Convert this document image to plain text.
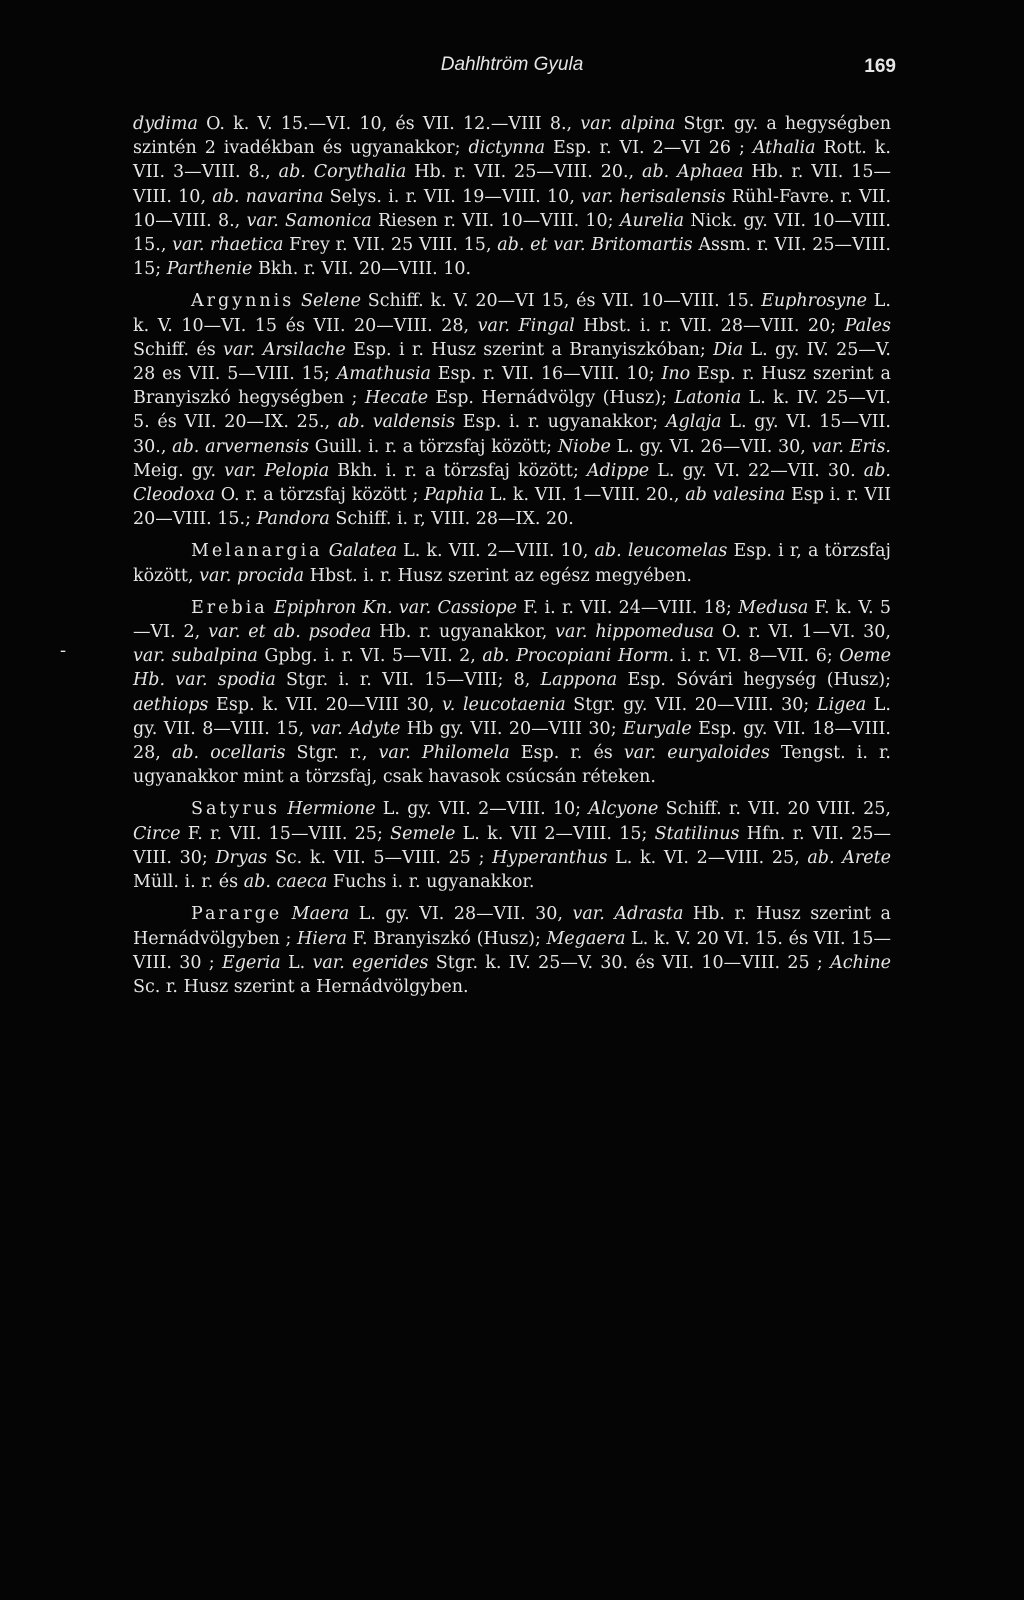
Dahlhtröm Gyula	169
-

dydima O. k. V. 15.—VI. 10, és VII. 12.—VIII 8., var. alpina Stgr. gy. a hegységben szintén 2 ivadékban és ugyanakkor; dictynna Esp. r. VI. 2—VI 26 ; Athalia Rott. k. VII. 3—VIII. 8., ab. Corythalia Hb. r. VII. 25—VIII. 20., ab. Aphaea Hb. r. VII. 15—VIII. 10, ab. navarina Selys. i. r. VII. 19—VIII. 10, var. herisalensis Rühl-Favre. r. VII. 10—VIII. 8., var. Samonica Riesen r. VII. 10—VIII. 10; Aurelia Nick. gy. VII. 10—VIII. 15., var. rhaetica Frey r. VII. 25 VIII. 15, ab. et var. Britomartis Assm. r. VII. 25—VIII. 15; Parthenie Bkh. r. VII. 20—VIII. 10.

Argynnis Selene Schiff. k. V. 20—VI 15, és VII. 10—VIII. 15. Euphrosyne L. k. V. 10—VI. 15 és VII. 20—VIII. 28, var. Fingal Hbst. i. r. VII. 28—VIII. 20; Pales Schiff. és var. Arsilache Esp. i r. Husz szerint a Branyiszkóban; Dia L. gy. IV. 25—V. 28 es VII. 5—VIII. 15; Amathusia Esp. r. VII. 16—VIII. 10; Ino Esp. r. Husz szerint a Branyiszkó hegységben ; Hecate Esp. Hernádvölgy (Husz); Latonia L. k. IV. 25—VI. 5. és VII. 20—IX. 25., ab. valdensis Esp. i. r. ugyanakkor; Aglaja L. gy. VI. 15—VII. 30., ab. arvernensis Guill. i. r. a törzsfaj között; Niobe L. gy. VI. 26—VII. 30, var. Eris. Meig. gy. var. Pelopia Bkh. i. r. a törzsfaj között; Adippe L. gy. VI. 22—VII. 30. ab. Cleodoxa O. r. a törzsfaj között ; Paphia L. k. VII. 1—VIII. 20., ab valesina Esp i. r. VII 20—VIII. 15.; Pandora Schiff. i. r, VIII. 28—IX. 20.

Melanargia Galatea L. k. VII. 2—VIII. 10, ab. leucomelas Esp. i r, a törzsfaj között, var. procida Hbst. i. r. Husz szerint az egész megyében.

Erebia Epiphron Kn. var. Cassiope F. i. r. VII. 24—VIII. 18; Medusa F. k. V. 5—VI. 2, var. et ab. psodea Hb. r. ugyanakkor, var. hippomedusa O. r. VI. 1—VI. 30, var. subalpina Gpbg. i. r. VI. 5—VII. 2, ab. Procopiani Horm. i. r. VI. 8—VII. 6; Oeme Hb. var. spodia Stgr. i. r. VII. 15—VIII; 8, Lappona Esp. Sóvári hegység (Husz); aethiops Esp. k. VII. 20—VIII 30, v. leucotaenia Stgr. gy. VII. 20—VIII. 30; Ligea L. gy. VII. 8—VIII. 15, var. Adyte Hb gy. VII. 20—VIII 30; Euryale Esp. gy. VII. 18—VIII. 28, ab. ocellaris Stgr. r., var. Philomela Esp. r. és var. euryaloides Tengst. i. r. ugyanakkor mint a törzsfaj, csak havasok csúcsán réteken.

Satyrus Hermione L. gy. VII. 2—VIII. 10; Alcyone Schiff. r. VII. 20 VIII. 25, Circe F. r. VII. 15—VIII. 25; Semele L. k. VII 2—VIII. 15; Statilinus Hfn. r. VII. 25—VIII. 30; Dryas Sc. k. VII. 5—VIII. 25 ; Hyperanthus L. k. VI. 2—VIII. 25, ab. Arete Müll. i. r. és ab. caeca Fuchs i. r. ugyanakkor.

Pararge Maera L. gy. VI. 28—VII. 30, var. Adrasta Hb. r. Husz szerint a Hernádvölgyben ; Hiera F. Branyiszkó (Husz); Megaera L. k. V. 20 VI. 15. és VII. 15—VIII. 30 ; Egeria L. var. egerides Stgr. k. IV. 25—V. 30. és VII. 10—VIII. 25 ; Achine Sc. r. Husz szerint a Hernádvölgyben.
